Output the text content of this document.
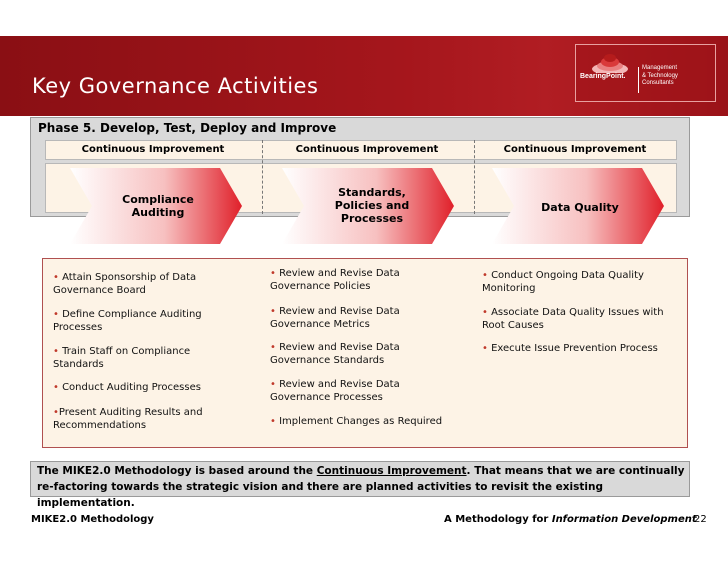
Key Governance Activities	BearingPoint.
Management
& Technology
Consultants
Phase 5. Develop, Test, Deploy and Improve
Continuous Improvement	Continuous Improvement	Continuous Improvement
Compliance
Auditing
Standards,
Policies and
Processes
Data Quality
• Attain Sponsorship of Data
Governance Board
• Define Compliance Auditing
Processes
• Train Staff on Compliance
Standards
• Conduct Auditing Processes
•Present Auditing Results and
Recommendations
• Review and Revise Data
Governance Policies
• Review and Revise Data
Governance Metrics
• Review and Revise Data
Governance Standards
• Review and Revise Data
Governance Processes
• Implement Changes as Required
• Conduct Ongoing Data Quality
Monitoring
• Associate Data Quality Issues with
Root Causes
• Execute Issue Prevention Process
The MIKE2.0 Methodology is based around the Continuous Improvement. That means that we are continually re-factoring towards the strategic vision and there are planned activities to revisit the existing implementation.
MIKE2.0 Methodology	A Methodology for Information Development
22
